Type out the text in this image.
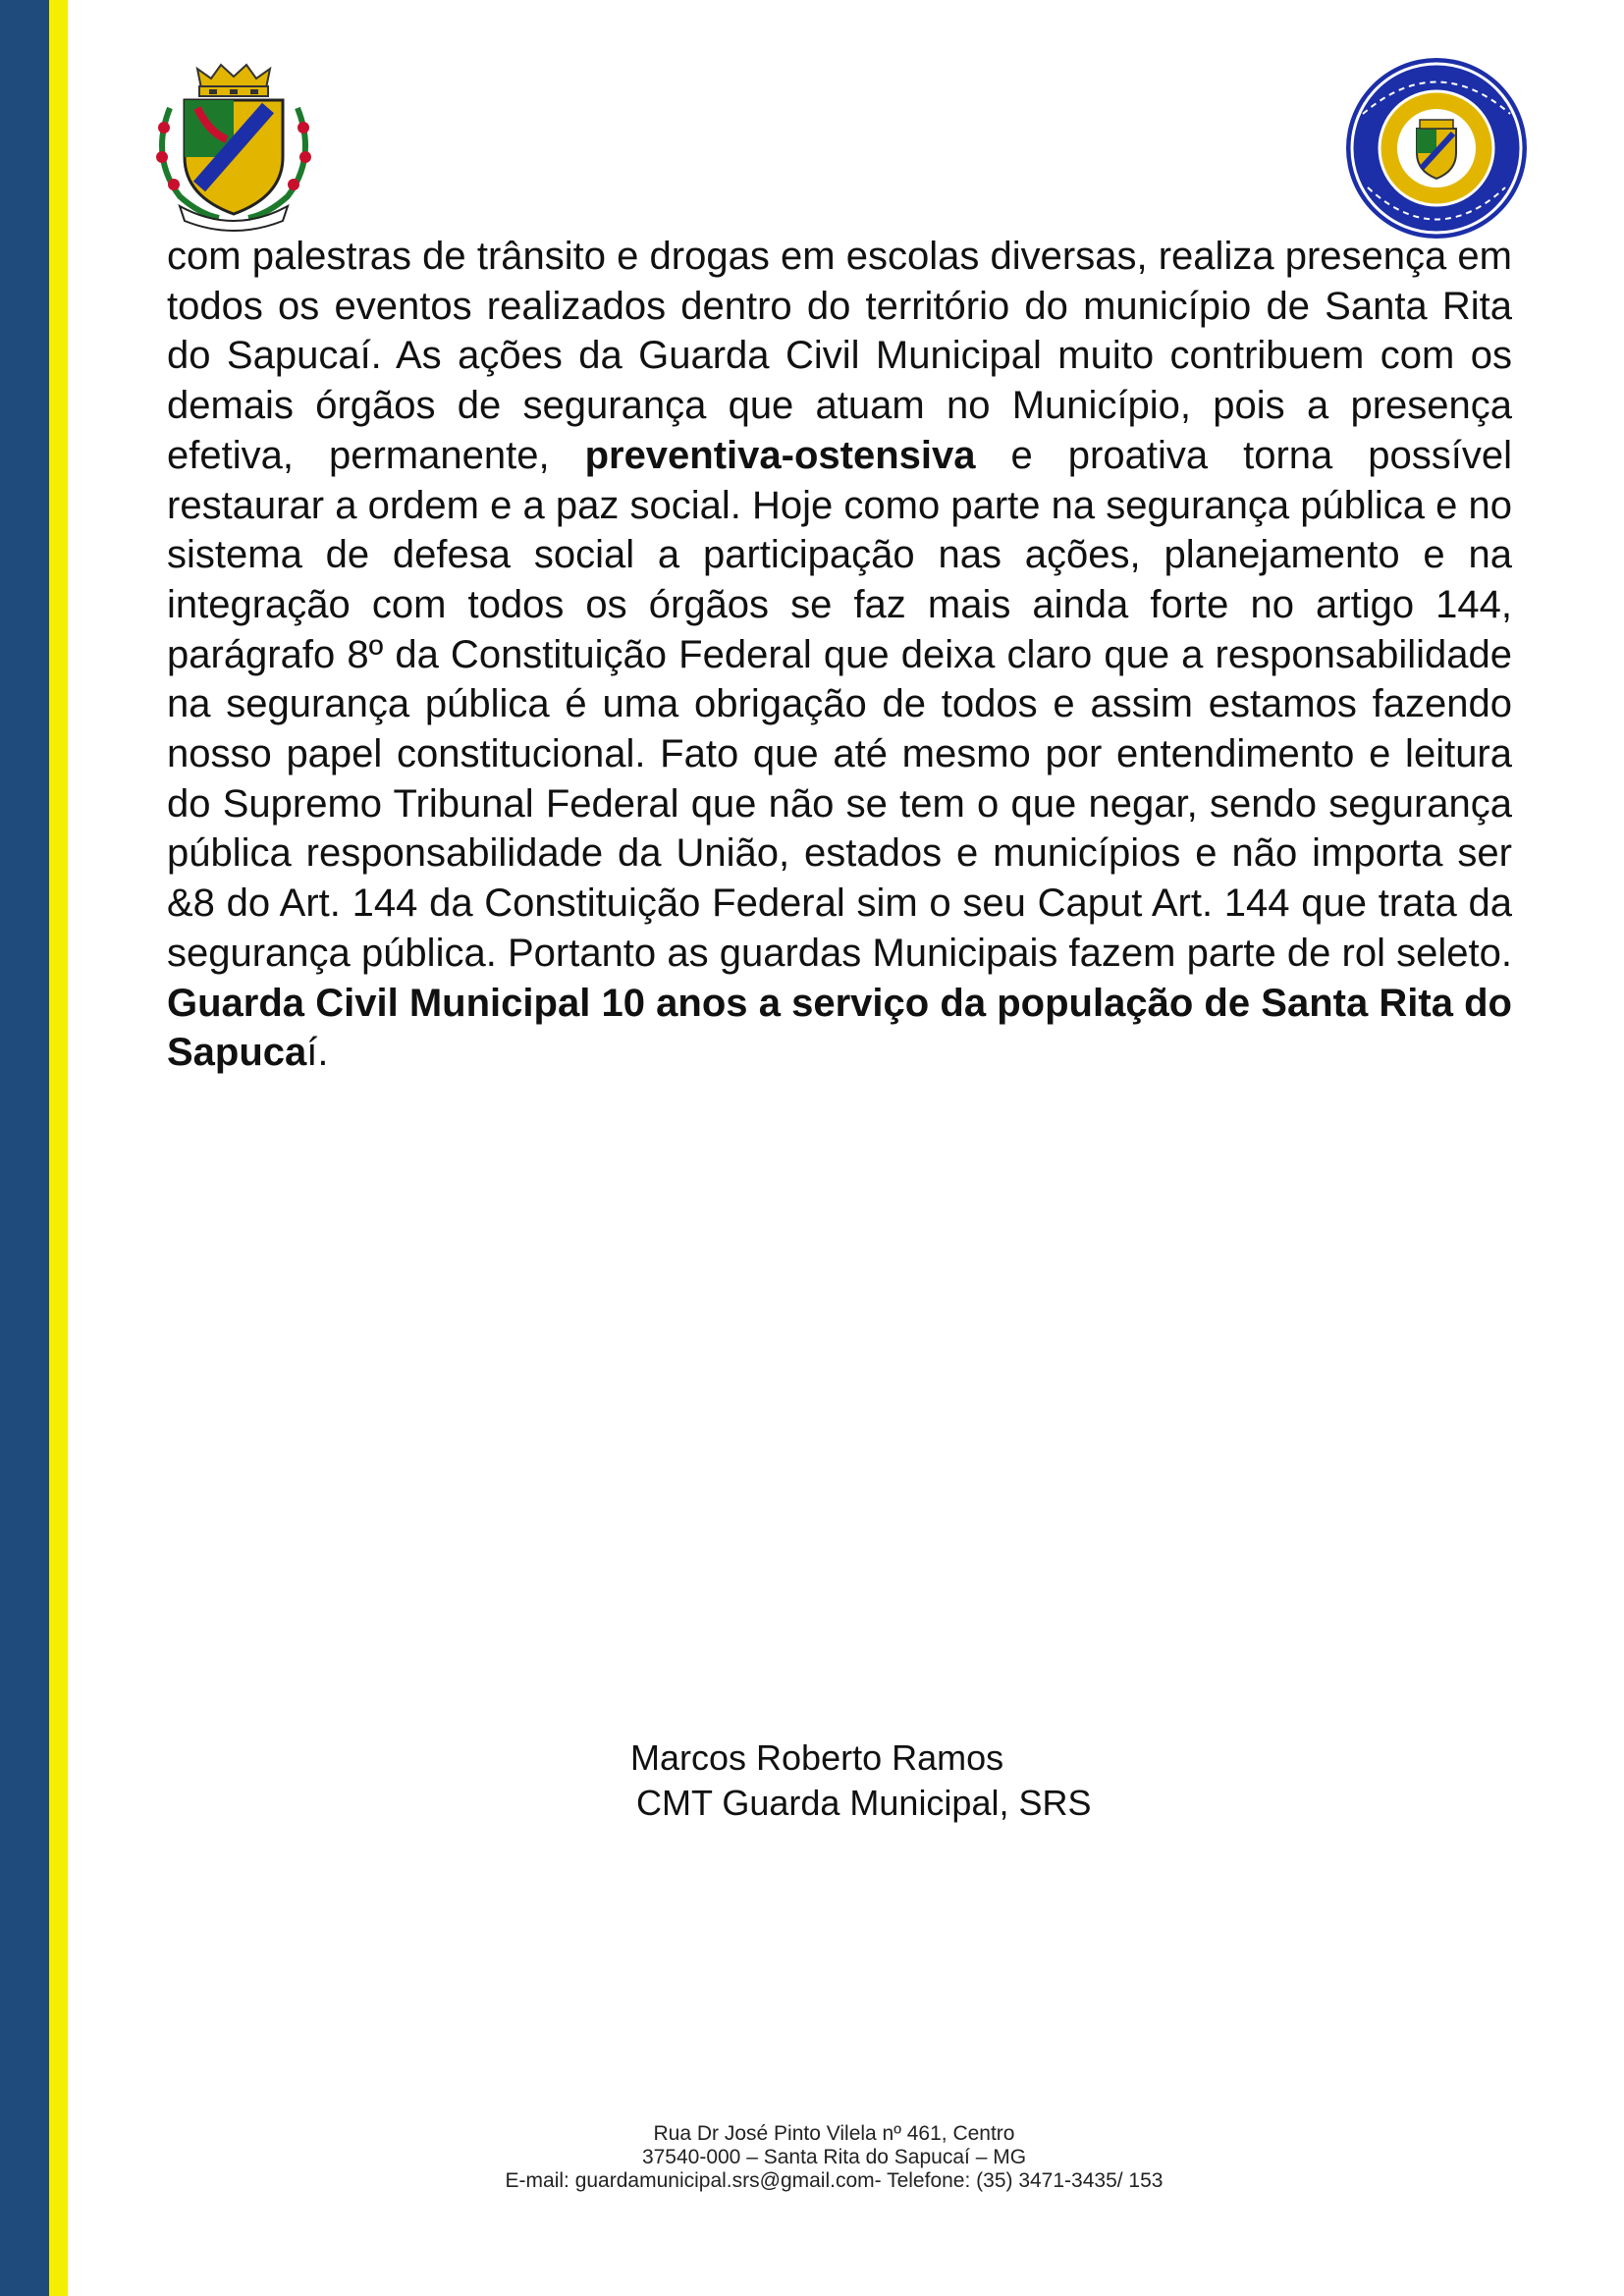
com palestras de trânsito e drogas em escolas diversas, realiza presença em todos os eventos realizados dentro do território do município de Santa Rita do Sapucaí. As ações da Guarda Civil Municipal muito contribuem com os demais órgãos de segurança que atuam no Município, pois a presença efetiva, permanente, preventiva-ostensiva e proativa torna possível restaurar a ordem e a paz social. Hoje como parte na segurança pública e no sistema de defesa social a participação nas ações, planejamento e na integração com todos os órgãos se faz mais ainda forte no artigo 144, parágrafo 8º da Constituição Federal que deixa claro que a responsabilidade na segurança pública é uma obrigação de todos e assim estamos fazendo nosso papel constitucional. Fato que até mesmo por entendimento e leitura do Supremo Tribunal Federal que não se tem o que negar, sendo segurança pública responsabilidade da União, estados e municípios e não importa ser &8 do Art. 144 da Constituição Federal sim o seu Caput Art. 144 que trata da segurança pública. Portanto as guardas Municipais fazem parte de rol seleto. Guarda Civil Municipal 10 anos a serviço da população de Santa Rita do Sapucaí.

Marcos Roberto Ramos
CMT Guarda Municipal, SRS
Rua Dr José Pinto Vilela nº 461, Centro
37540-000 – Santa Rita do Sapucaí – MG
E-mail: guardamunicipal.srs@gmail.com- Telefone: (35) 3471-3435/ 153
